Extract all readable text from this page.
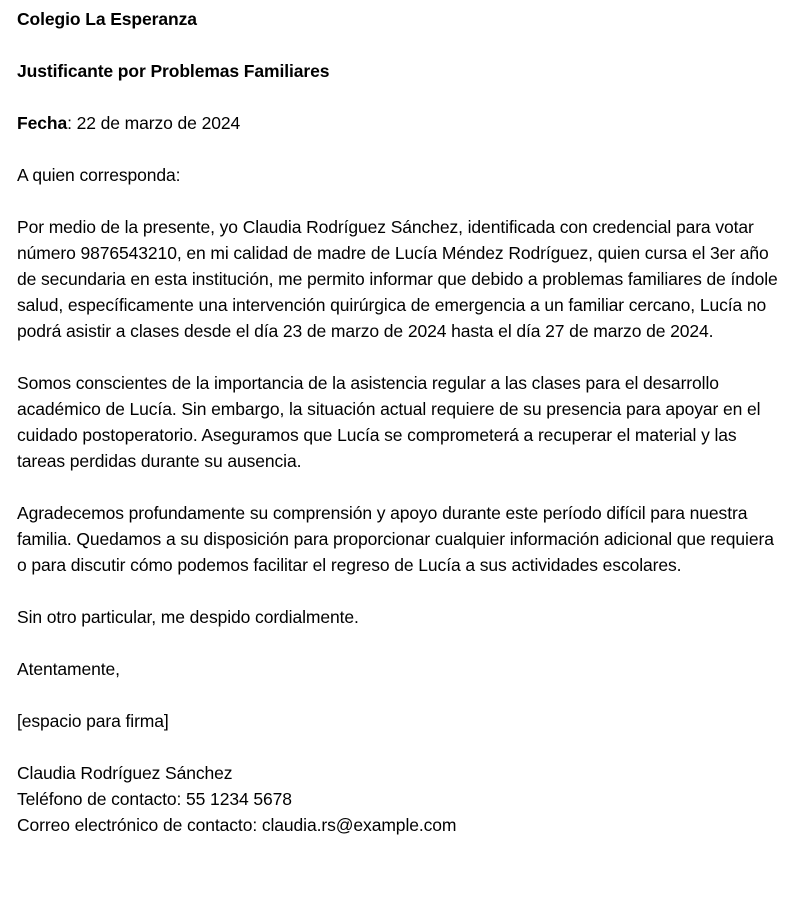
Colegio La Esperanza

Justificante por Problemas Familiares

Fecha: 22 de marzo de 2024

A quien corresponda:

Por medio de la presente, yo Claudia Rodríguez Sánchez, identificada con credencial para votar número 9876543210, en mi calidad de madre de Lucía Méndez Rodríguez, quien cursa el 3er año de secundaria en esta institución, me permito informar que debido a problemas familiares de índole salud, específicamente una intervención quirúrgica de emergencia a un familiar cercano, Lucía no podrá asistir a clases desde el día 23 de marzo de 2024 hasta el día 27 de marzo de 2024.

Somos conscientes de la importancia de la asistencia regular a las clases para el desarrollo académico de Lucía. Sin embargo, la situación actual requiere de su presencia para apoyar en el cuidado postoperatorio. Aseguramos que Lucía se comprometerá a recuperar el material y las tareas perdidas durante su ausencia.

Agradecemos profundamente su comprensión y apoyo durante este período difícil para nuestra familia. Quedamos a su disposición para proporcionar cualquier información adicional que requiera o para discutir cómo podemos facilitar el regreso de Lucía a sus actividades escolares.

Sin otro particular, me despido cordialmente.

Atentamente,

[espacio para firma]

Claudia Rodríguez Sánchez
Teléfono de contacto: 55 1234 5678
Correo electrónico de contacto: claudia.rs@example.com
